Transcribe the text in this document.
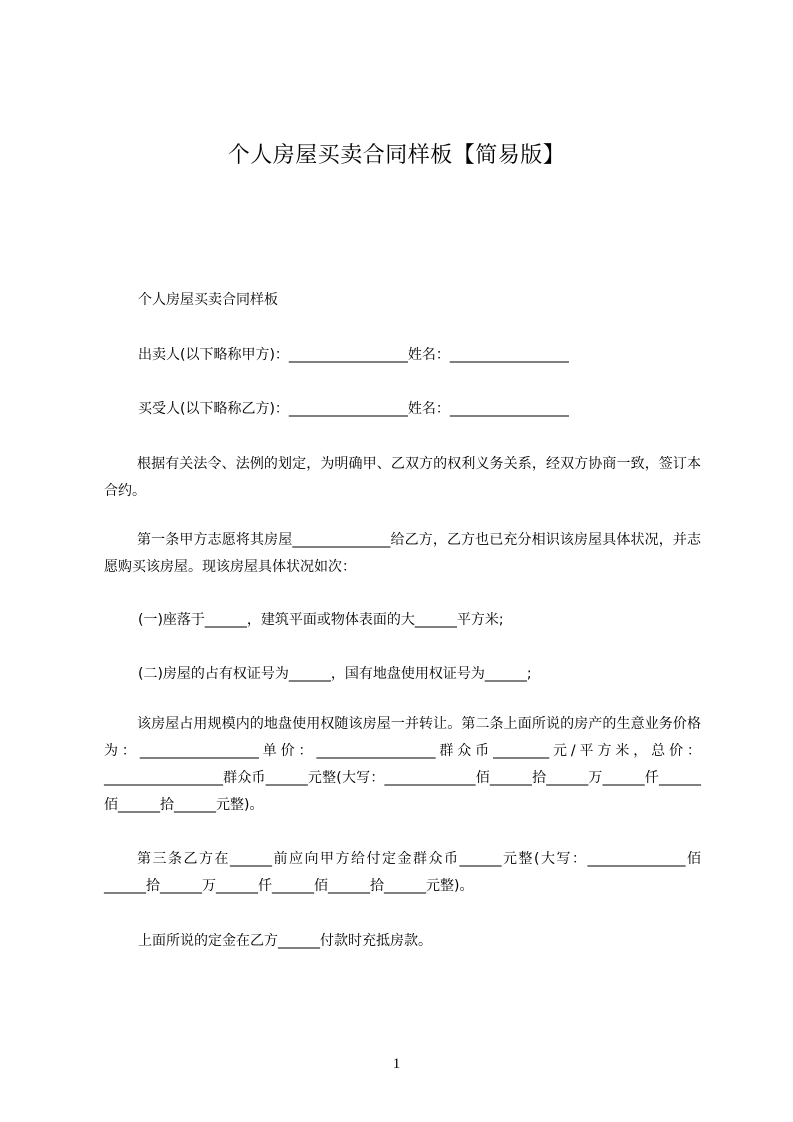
个人房屋买卖合同样板【简易版】
个人房屋买卖合同样板
出卖人(以下略称甲方)：_________________姓名：_________________
买受人(以下略称乙方)：_________________姓名：_________________
根据有关法令、法例的划定，为明确甲、乙双方的权利义务关系，经双方协商一致，签订本合约。
第一条甲方志愿将其房屋______________给乙方，乙方也已充分相识该房屋具体状况，并志愿购买该房屋。现该房屋具体状况如次：
(一)座落于______，建筑平面或物体表面的大______平方米;
(二)房屋的占有权证号为______，国有地盘使用权证号为______;
该房屋占用规模内的地盘使用权随该房屋一并转让。第二条上面所说的房产的生意业务价格为：_________________单价：_________________群众币________元/平方米，总价：_________________群众币______元整(大写：_____________佰______拾______万______仟______佰______拾______元整)。
第三条乙方在______前应向甲方给付定金群众币______元整(大写：______________佰______拾______万______仟______佰______拾______元整)。
上面所说的定金在乙方______付款时充抵房款。
1
